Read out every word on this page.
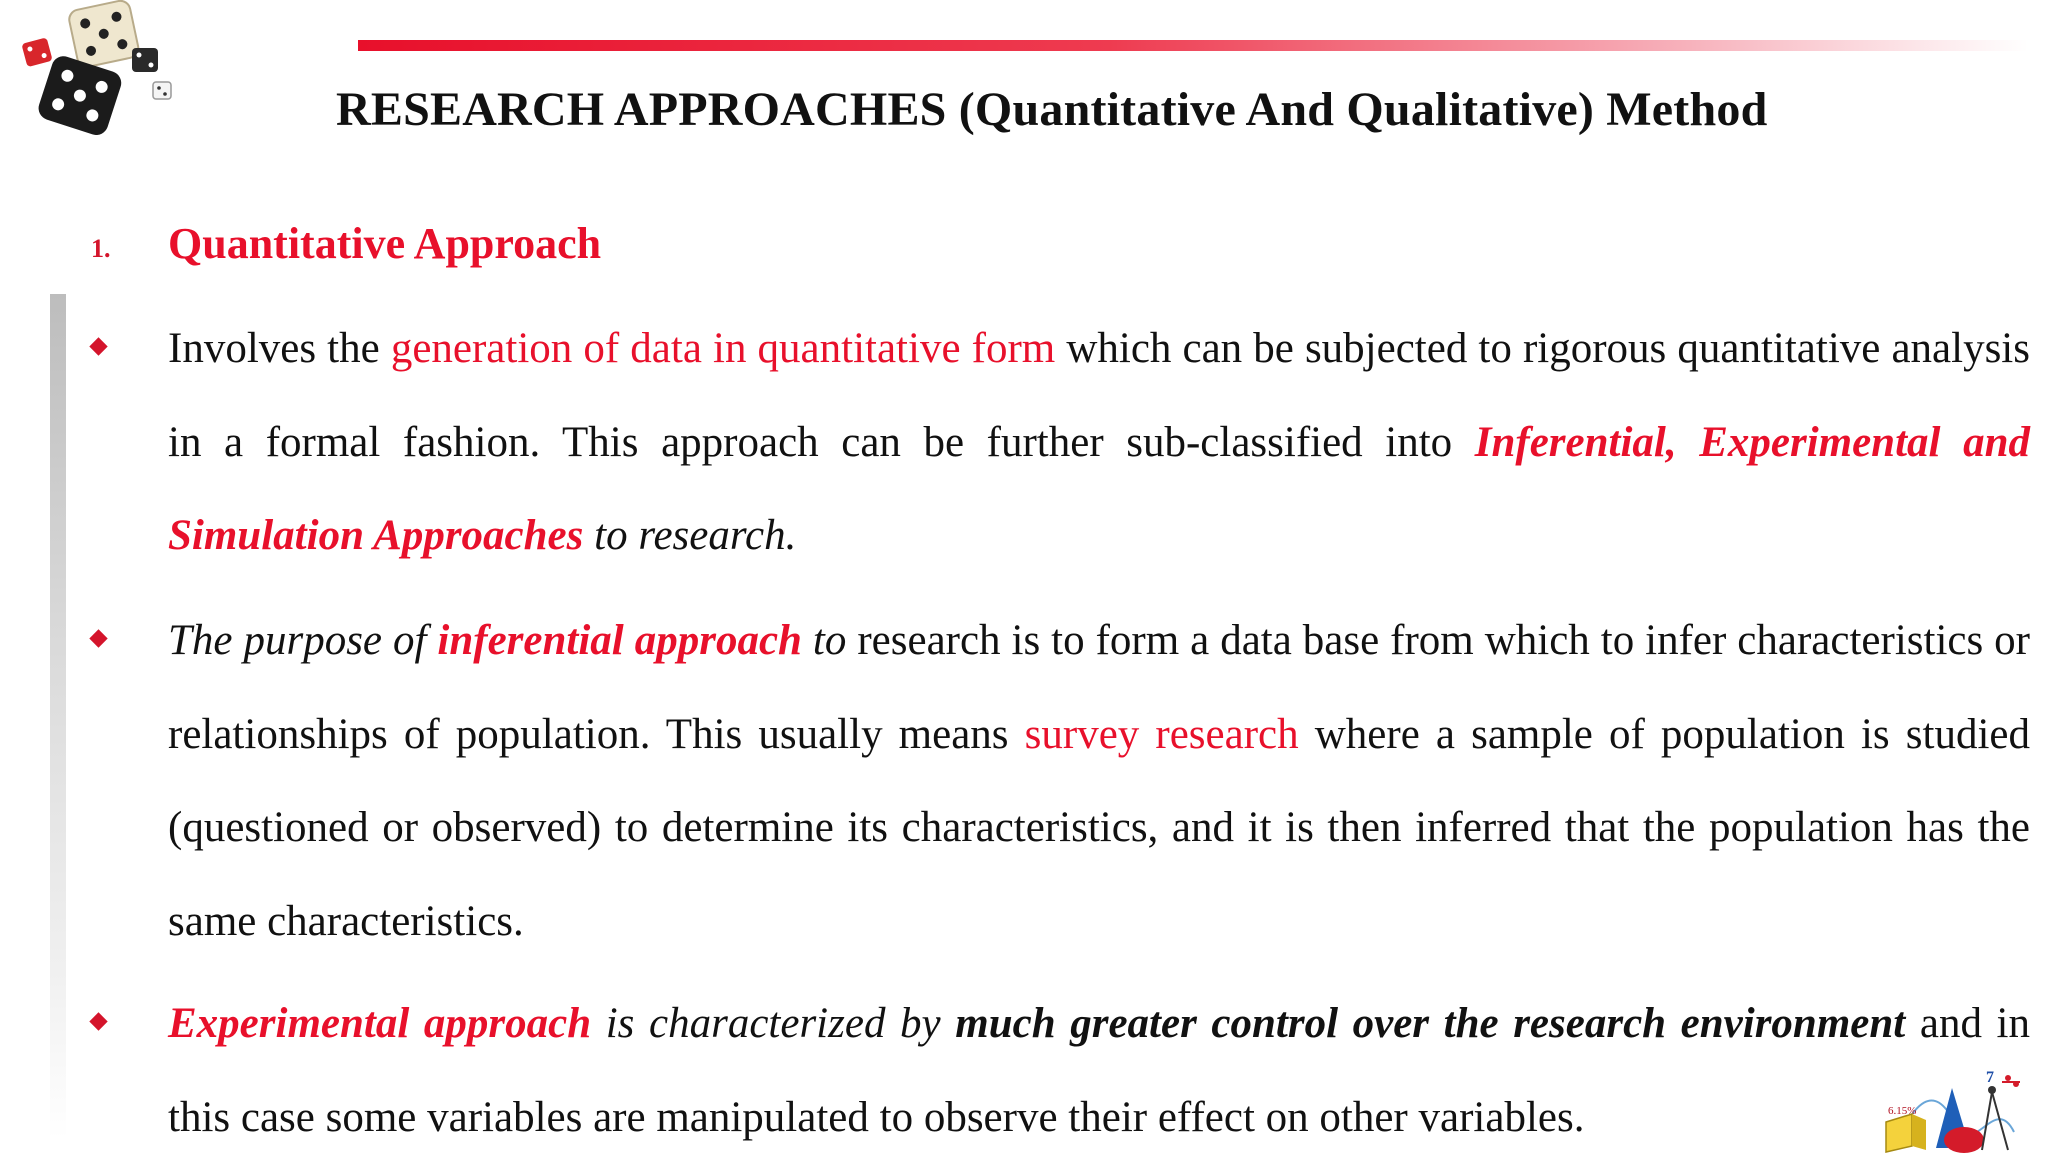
RESEARCH APPROACHES (Quantitative And Qualitative) Method
1. Quantitative Approach
Involves the generation of data in quantitative form which can be subjected to rigorous quantitative analysis in a formal fashion. This approach can be further sub-classified into Inferential, Experimental and Simulation Approaches to research.
The purpose of inferential approach to research is to form a data base from which to infer characteristics or relationships of population. This usually means survey research where a sample of population is studied (questioned or observed) to determine its characteristics, and it is then inferred that the population has the same characteristics.
Experimental approach is characterized by much greater control over the research environment and in this case some variables are manipulated to observe their effect on other variables.	6.15%
7
